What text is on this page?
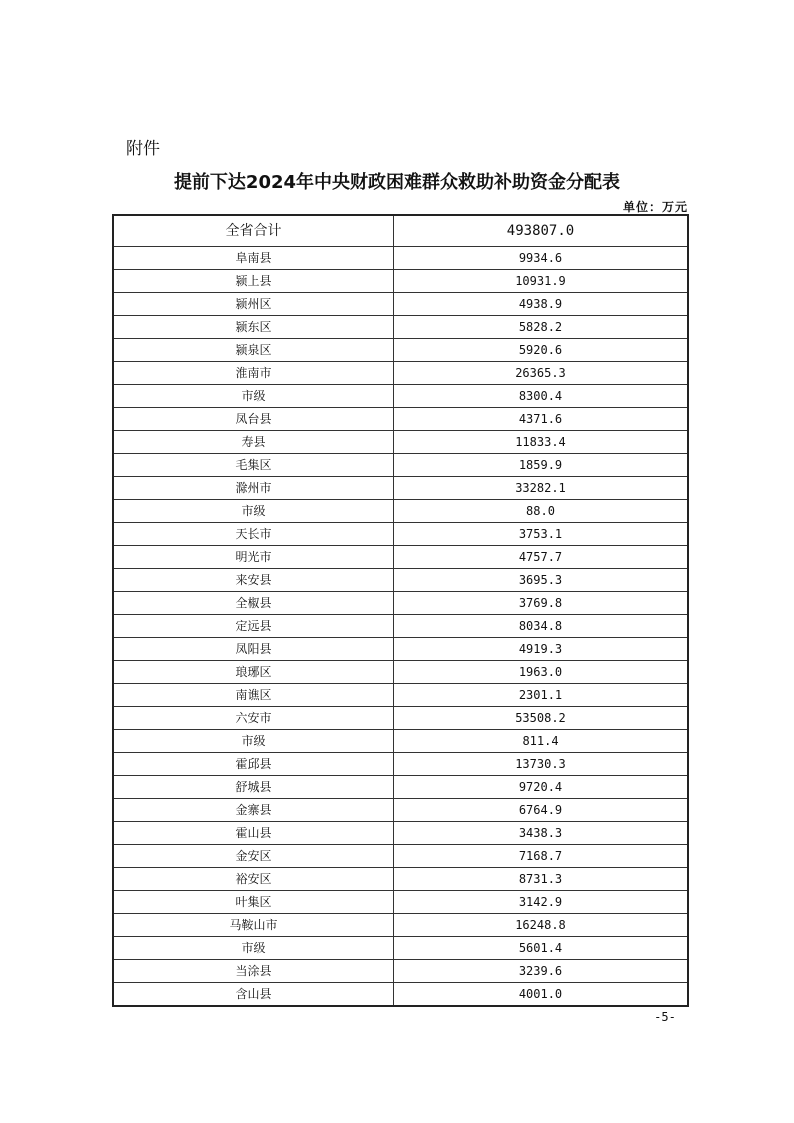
附件
提前下达2024年中央财政困难群众救助补助资金分配表
单位：万元
全省合计	493807.0
阜南县	9934.6
颍上县	10931.9
颍州区	4938.9
颍东区	5828.2
颍泉区	5920.6
淮南市	26365.3
市级	8300.4
凤台县	4371.6
寿县	11833.4
毛集区	1859.9
滁州市	33282.1
市级	88.0
天长市	3753.1
明光市	4757.7
来安县	3695.3
全椒县	3769.8
定远县	8034.8
凤阳县	4919.3
琅琊区	1963.0
南谯区	2301.1
六安市	53508.2
市级	811.4
霍邱县	13730.3
舒城县	9720.4
金寨县	6764.9
霍山县	3438.3
金安区	7168.7
裕安区	8731.3
叶集区	3142.9
马鞍山市	16248.8
市级	5601.4
当涂县	3239.6
含山县	4001.0
-5-
